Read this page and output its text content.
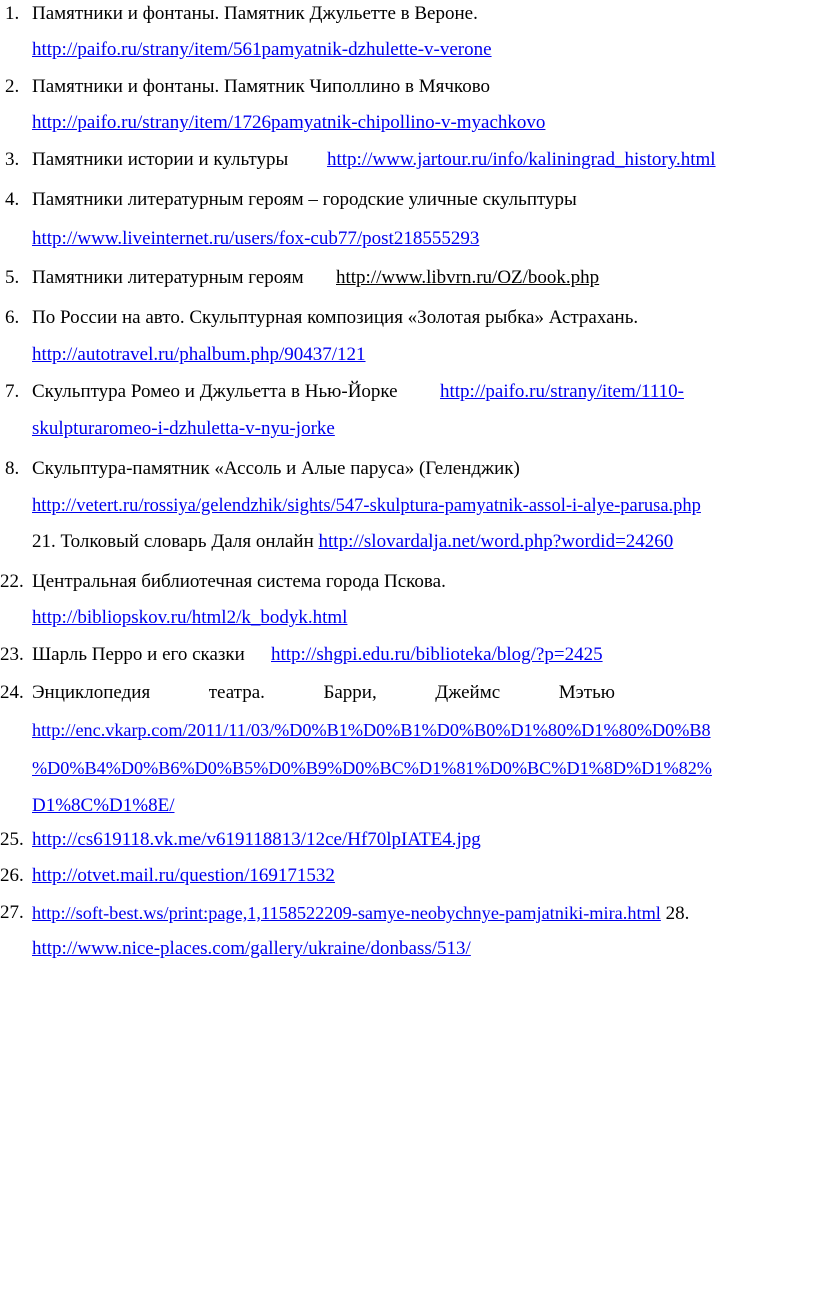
1. Памятники и фонтаны. Памятник Джульетте в Вероне.
http://paifo.ru/strany/item/561pamyatnik-dzhulette-v-verone
2. Памятники и фонтаны. Памятник Чиполлино в Мячково
http://paifo.ru/strany/item/1726pamyatnik-chipollino-v-myachkovo
3. Памятники истории и культуры http://www.jartour.ru/info/kaliningrad_history.html
4. Памятники литературным героям – городские уличные скульптуры
http://www.liveinternet.ru/users/fox-cub77/post218555293
5. Памятники литературным героям http://www.libvrn.ru/OZ/book.php
6. По России на авто. Скульптурная композиция «Золотая рыбка» Астрахань.
http://autotravel.ru/phalbum.php/90437/121
7. Скульптура Ромео и Джульетта в Нью-Йорке http://paifo.ru/strany/item/1110-
skulpturaromeo-i-dzhuletta-v-nyu-jorke
8. Скульптура-памятник «Ассоль и Алые паруса» (Геленджик)
http://vetert.ru/rossiya/gelendzhik/sights/547-skulptura-pamyatnik-assol-i-alye-parusa.php
21. Толковый словарь Даля онлайн http://slovardalja.net/word.php?wordid=24260
22. Центральная библиотечная система города Пскова.
http://bibliopskov.ru/html2/k_bodyk.html
23. Шарль Перро и его сказки http://shgpi.edu.ru/biblioteka/blog/?p=2425
24. Энциклопедия	театра.	Барри,	Джеймс	Мэтью
http://enc.vkarp.com/2011/11/03/%D0%B1%D0%B1%D0%B0%D1%80%D1%80%D0%B8
%D0%B4%D0%B6%D0%B5%D0%B9%D0%BC%D1%81%D0%BC%D1%8D%D1%82%
D1%8C%D1%8E/
25. http://cs619118.vk.me/v619118813/12ce/Hf70lpIATE4.jpg
26. http://otvet.mail.ru/question/169171532
27. http://soft-best.ws/print:page,1,1158522209-samye-neobychnye-pamjatniki-mira.html 28.
http://www.nice-places.com/gallery/ukraine/donbass/513/
